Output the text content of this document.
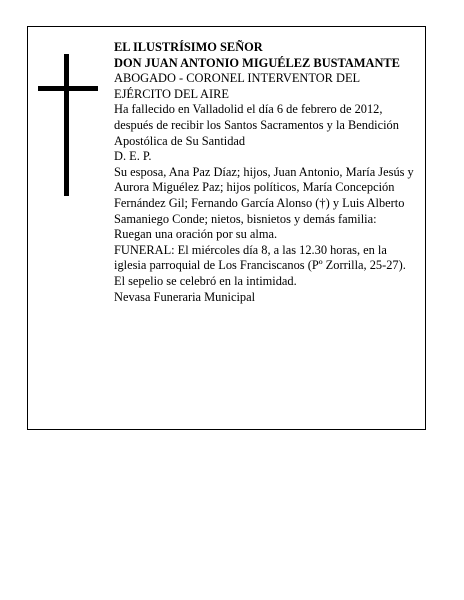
EL ILUSTRÍSIMO SEÑOR

DON JUAN ANTONIO MIGUÉLEZ BUSTAMANTE

ABOGADO - CORONEL INTERVENTOR DEL EJÉRCITO DEL AIRE

Ha fallecido en Valladolid el día 6 de febrero de 2012, después de recibir los Santos Sacramentos y la Bendición Apostólica de Su Santidad

D. E. P.

Su esposa, Ana Paz Díaz; hijos, Juan Antonio, María Jesús y Aurora Miguélez Paz; hijos políticos, María Concepción Fernández Gil; Fernando García Alonso (†) y Luis Alberto Samaniego Conde; nietos, bisnietos y demás familia:

Ruegan una oración por su alma.

FUNERAL: El miércoles día 8, a las 12.30 horas, en la iglesia parroquial de Los Franciscanos (Pº Zorrilla, 25-27).

El sepelio se celebró en la intimidad.

Nevasa Funeraria Municipal
